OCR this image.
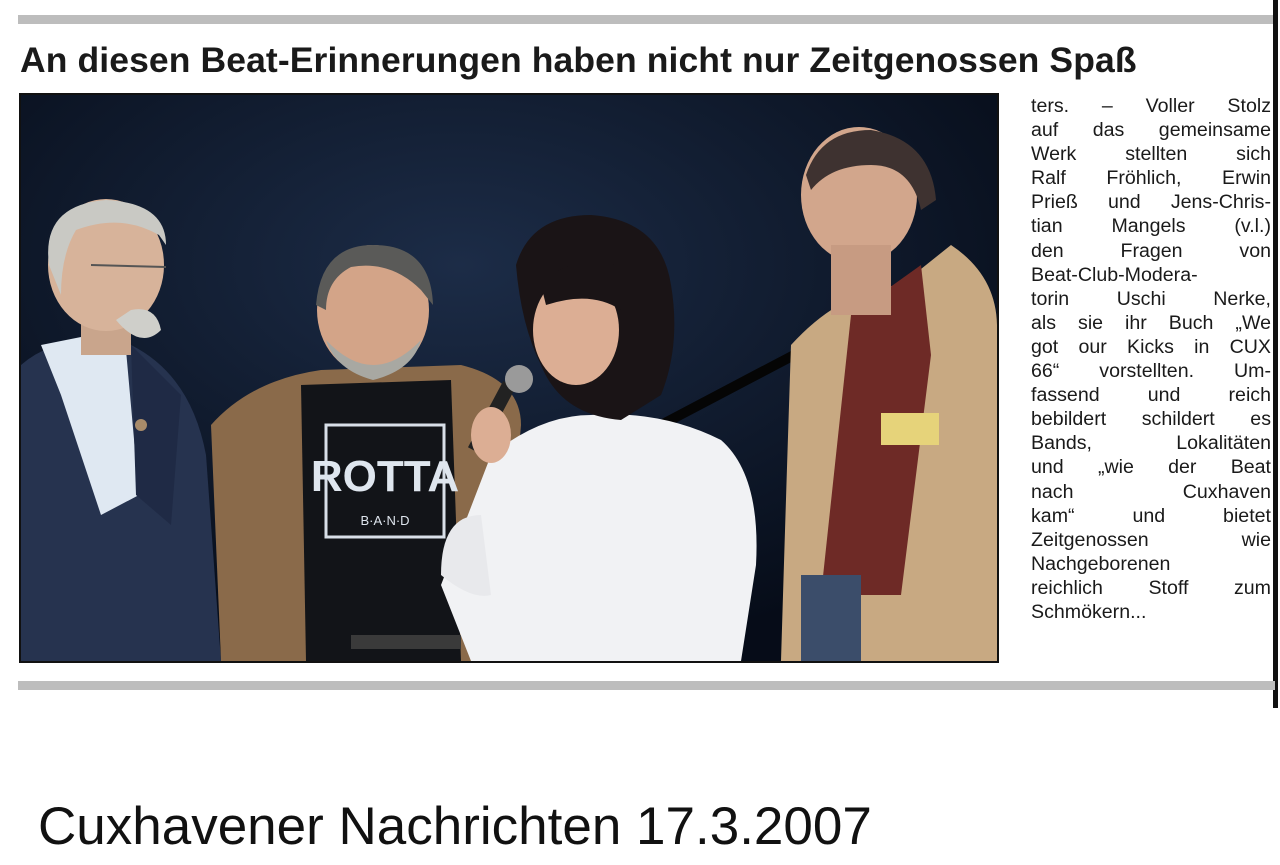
An diesen Beat-Erinnerungen haben nicht nur Zeitgenossen Spaß
ROTTA
B·A·N·D
ters. – Voller Stolz
auf das gemeinsame
Werk stellten sich
Ralf Fröhlich, Erwin
Prieß und Jens-Chris-
tian Mangels (v.l.)
den Fragen von
Beat-Club-Modera-
torin Uschi Nerke,
als sie ihr Buch „We
got our Kicks in CUX
66“ vorstellten. Um-
fassend und reich
bebildert schildert es
Bands, Lokalitäten
und „wie der Beat
nach Cuxhaven
kam“ und bietet
Zeitgenossen wie
Nachgeborenen
reichlich Stoff zum
Schmökern...
Cuxhavener Nachrichten 17.3.2007
